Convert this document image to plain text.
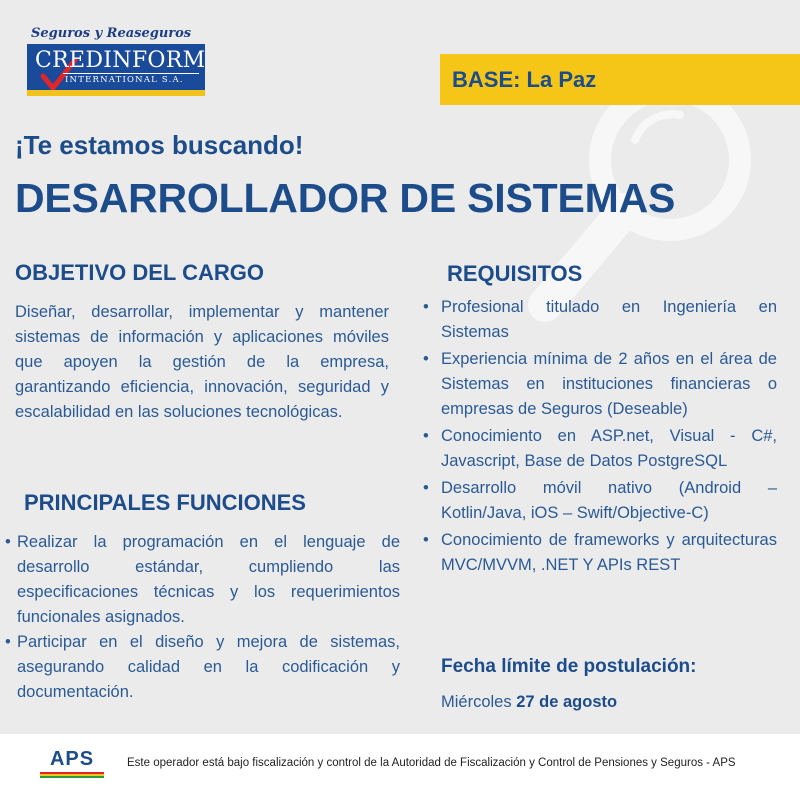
Seguros y Reaseguros
CREDINFORM
INTERNATIONAL S.A.	BASE: La Paz
¡Te estamos buscando!
DESARROLLADOR DE SISTEMAS
OBJETIVO DEL CARGO

Diseñar, desarrollar, implementar y mantener sistemas de información y aplicaciones móviles que apoyen la gestión de la empresa, garantizando eficiencia, innovación, seguridad y escalabilidad en las soluciones tecnológicas.

PRINCIPALES FUNCIONES
• Realizar la programación en el lenguaje de desarrollo estándar, cumpliendo las especificaciones técnicas y los requerimientos funcionales asignados.
• Participar en el diseño y mejora de sistemas, asegurando calidad en la codificación y documentación.
REQUISITOS
• Profesional titulado en Ingeniería en Sistemas
• Experiencia mínima de 2 años en el área de Sistemas en instituciones financieras o empresas de Seguros (Deseable)
• Conocimiento en ASP.net, Visual - C#, Javascript, Base de Datos PostgreSQL
• Desarrollo móvil nativo (Android – Kotlin/Java, iOS – Swift/Objective-C)
• Conocimiento de frameworks y arquitecturas MVC/MVVM, .NET Y APIs REST
Fecha límite de postulación:
Miércoles 27 de agosto
APS	Este operador está bajo fiscalización y control de la Autoridad de Fiscalización y Control de Pensiones y Seguros - APS
